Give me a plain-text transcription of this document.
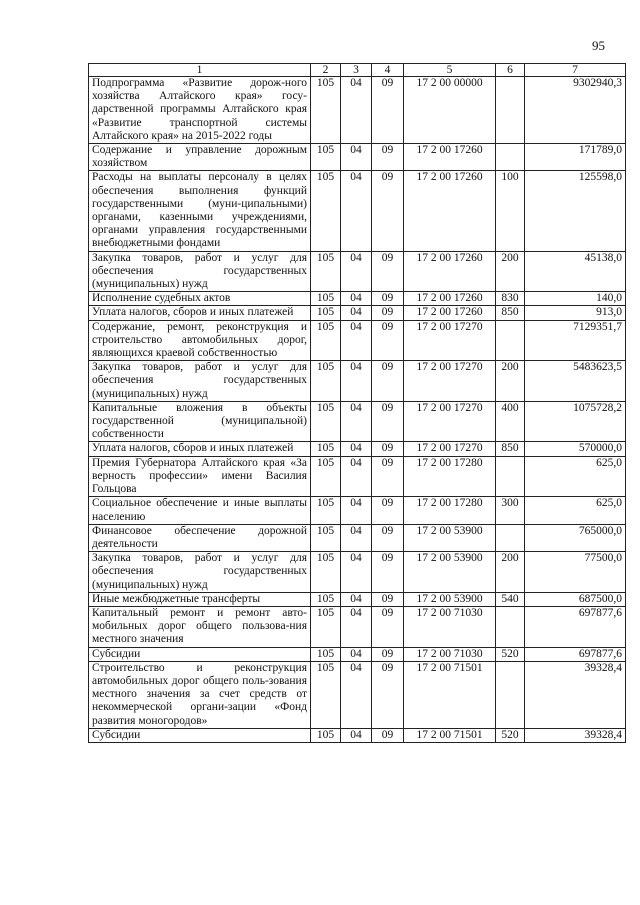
95
1	2	3	4	5	6	7
Подпрограмма «Развитие дорож-ного хозяйства Алтайского края» госу-дарственной программы Алтайского края «Развитие транспортной системы Алтайского края» на 2015-2022 годы	105	04	09	17 2 00 00000		9302940,3
Содержание и управление дорожным хозяйством	105	04	09	17 2 00 17260		171789,0
Расходы на выплаты персоналу в целях обеспечения выполнения функций государственными (муни-ципальными) органами, казенными учреждениями, органами управления государственными внебюджетными фондами	105	04	09	17 2 00 17260	100	125598,0
Закупка товаров, работ и услуг для обеспечения государственных (муниципальных) нужд	105	04	09	17 2 00 17260	200	45138,0
Исполнение судебных актов	105	04	09	17 2 00 17260	830	140,0
Уплата налогов, сборов и иных платежей	105	04	09	17 2 00 17260	850	913,0
Содержание, ремонт, реконструкция и строительство автомобильных дорог, являющихся краевой собственностью	105	04	09	17 2 00 17270		7129351,7
Закупка товаров, работ и услуг для обеспечения государственных (муниципальных) нужд	105	04	09	17 2 00 17270	200	5483623,5
Капитальные вложения в объекты государственной (муниципальной) собственности	105	04	09	17 2 00 17270	400	1075728,2
Уплата налогов, сборов и иных платежей	105	04	09	17 2 00 17270	850	570000,0
Премия Губернатора Алтайского края «За верность профессии» имени Василия Гольцова	105	04	09	17 2 00 17280		625,0
Социальное обеспечение и иные выплаты населению	105	04	09	17 2 00 17280	300	625,0
Финансовое обеспечение дорожной деятельности	105	04	09	17 2 00 53900		765000,0
Закупка товаров, работ и услуг для обеспечения государственных (муниципальных) нужд	105	04	09	17 2 00 53900	200	77500,0
Иные межбюджетные трансферты	105	04	09	17 2 00 53900	540	687500,0
Капитальный ремонт и ремонт авто-мобильных дорог общего пользова-ния местного значения	105	04	09	17 2 00 71030		697877,6
Субсидии	105	04	09	17 2 00 71030	520	697877,6
Строительство и реконструкция автомобильных дорог общего поль-зования местного значения за счет средств от некоммерческой органи-зации «Фонд развития моногородов»	105	04	09	17 2 00 71501		39328,4
Субсидии	105	04	09	17 2 00 71501	520	39328,4
